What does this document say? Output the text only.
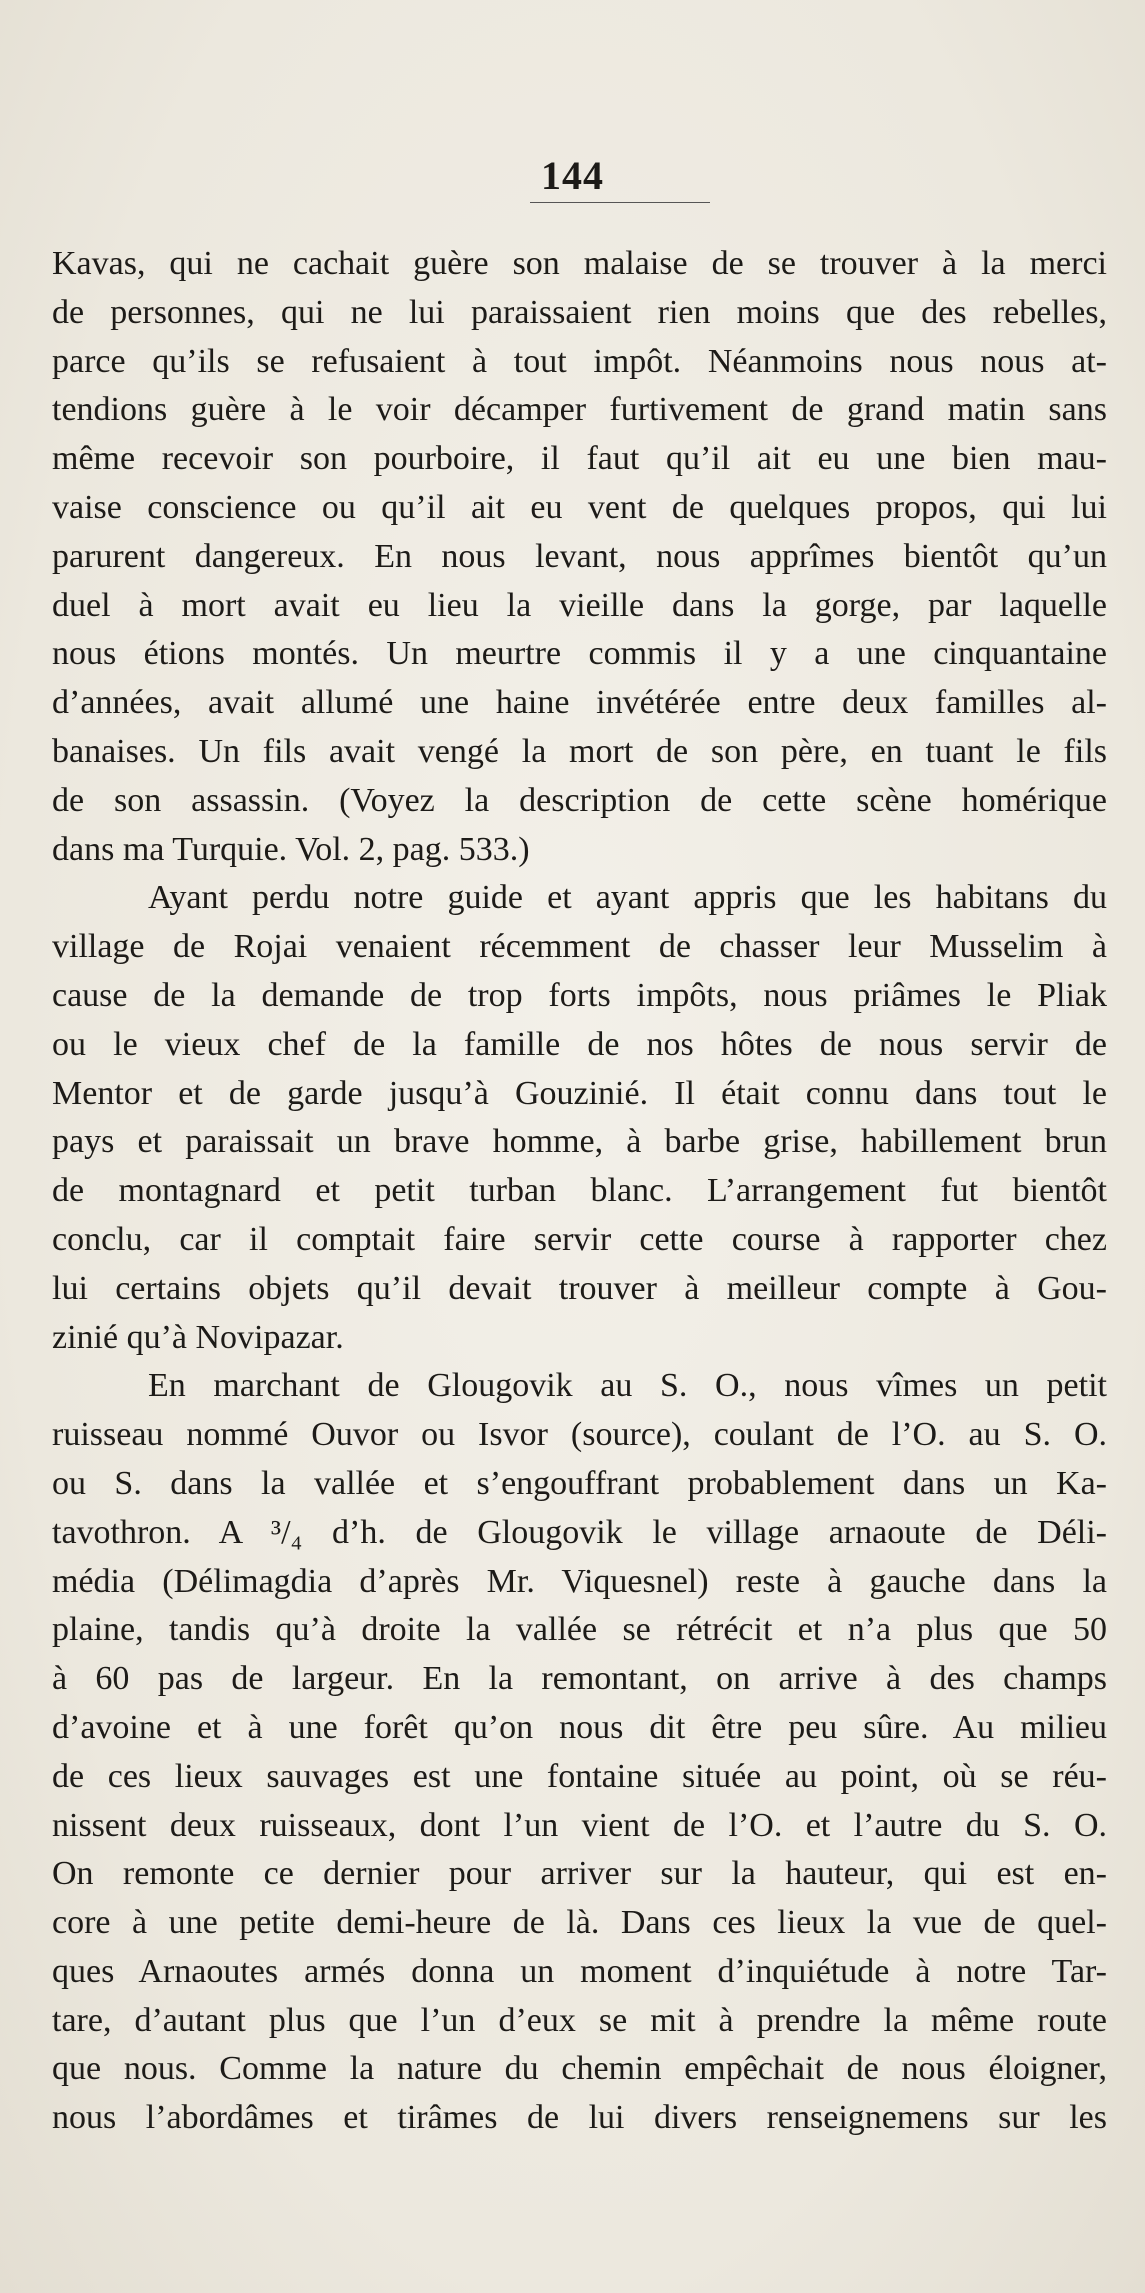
144
Kavas, qui ne cachait guère son malaise de se trouver à la merci
de personnes, qui ne lui paraissaient rien moins que des rebelles,
parce qu’ils se refusaient à tout impôt. Néanmoins nous nous at-
tendions guère à le voir décamper furtivement de grand matin sans
même recevoir son pourboire, il faut qu’il ait eu une bien mau-
vaise conscience ou qu’il ait eu vent de quelques propos, qui lui
parurent dangereux. En nous levant, nous apprîmes bientôt qu’un
duel à mort avait eu lieu la vieille dans la gorge, par laquelle
nous étions montés. Un meurtre commis il y a une cinquantaine
d’années, avait allumé une haine invétérée entre deux familles al-
banaises. Un fils avait vengé la mort de son père, en tuant le fils
de son assassin. (Voyez la description de cette scène homérique
dans ma Turquie. Vol. 2, pag. 533.)
Ayant perdu notre guide et ayant appris que les habitans du
village de Rojai venaient récemment de chasser leur Musselim à
cause de la demande de trop forts impôts, nous priâmes le Pliak
ou le vieux chef de la famille de nos hôtes de nous servir de
Mentor et de garde jusqu’à Gouzinié. Il était connu dans tout le
pays et paraissait un brave homme, à barbe grise, habillement brun
de montagnard et petit turban blanc. L’arrangement fut bientôt
conclu, car il comptait faire servir cette course à rapporter chez
lui certains objets qu’il devait trouver à meilleur compte à Gou-
zinié qu’à Novipazar.
En marchant de Glougovik au S. O., nous vîmes un petit
ruisseau nommé Ouvor ou Isvor (source), coulant de l’O. au S. O.
ou S. dans la vallée et s’engouffrant probablement dans un Ka-
tavothron. A ³/₄ d’h. de Glougovik le village arnaoute de Déli-
média (Délimagdia d’après Mr. Viquesnel) reste à gauche dans la
plaine, tandis qu’à droite la vallée se rétrécit et n’a plus que 50
à 60 pas de largeur. En la remontant, on arrive à des champs
d’avoine et à une forêt qu’on nous dit être peu sûre. Au milieu
de ces lieux sauvages est une fontaine située au point, où se réu-
nissent deux ruisseaux, dont l’un vient de l’O. et l’autre du S. O.
On remonte ce dernier pour arriver sur la hauteur, qui est en-
core à une petite demi-heure de là. Dans ces lieux la vue de quel-
ques Arnaoutes armés donna un moment d’inquiétude à notre Tar-
tare, d’autant plus que l’un d’eux se mit à prendre la même route
que nous. Comme la nature du chemin empêchait de nous éloigner,
nous l’abordâmes et tirâmes de lui divers renseignemens sur les
